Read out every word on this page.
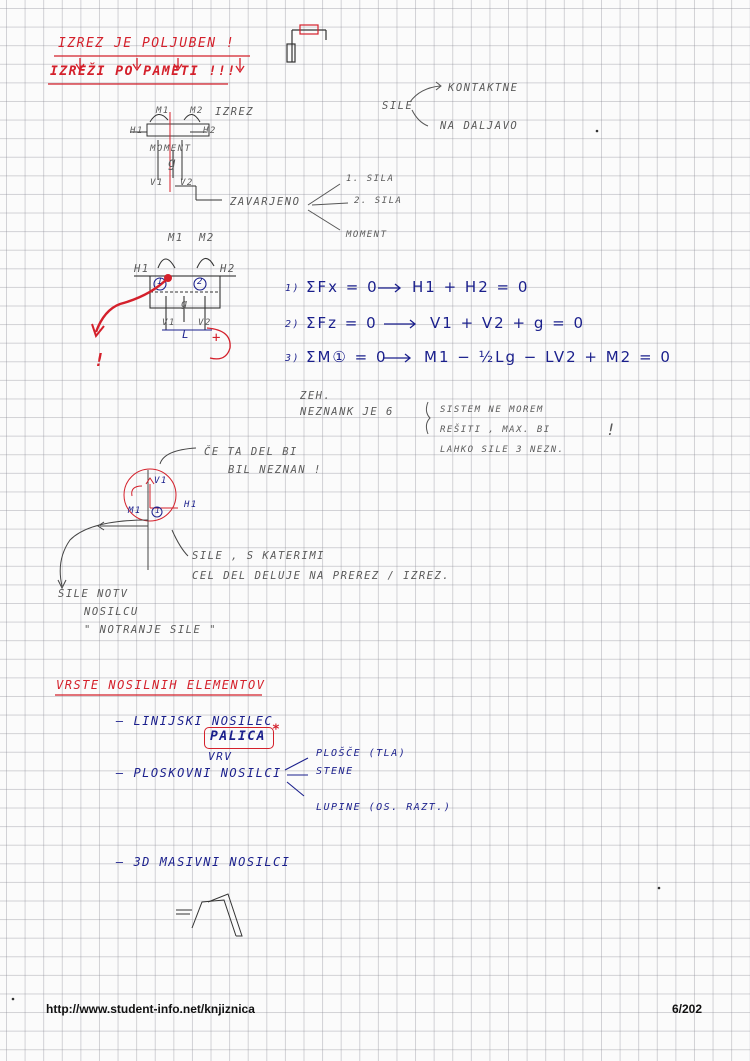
IZREZ JE POLJUBEN !
IZREŽI PO PAMETI !!!
M1 M2 IZREZ
H1	H2
MOMENT
g
V1 V2
SILE
KONTAKTNE
NA DALJAVO
ZAVARJENO
1. SILA
2. SILA
MOMENT
M1 M2
H1	H2
1	2
g
V1 V2
L +
!
1) ΣFx = 0 H1 + H2 = 0
2) ΣFz = 0	V1 + V2 + g = 0
3) ΣM① = 0 M1 − ½Lg − LV2 + M2 = 0
ZEH.
NEZNANK JE 6	SISTEM NE MOREM
REŠITI , MAX. BI
LAHKO SILE 3 NEZN.
!
ČE TA DEL BI
BIL NEZNAN !
V1
M1
H1
1
SILE , S KATERIMI
CEL DEL DELUJE NA PREREZ / IZREZ.
SILE NOTV
NOSILCU
" NOTRANJE SILE "
VRSTE NOSILNIH ELEMENTOV
– LINIJSKI NOSILEC
PALICA *
VRV
– PLOSKOVNI NOSILCI
PLOŠČE (TLA)
STENE
LUPINE (OS. RAZT.)
– 3D MASIVNI NOSILCI
http://www.student-info.net/knjiznica	6/202
